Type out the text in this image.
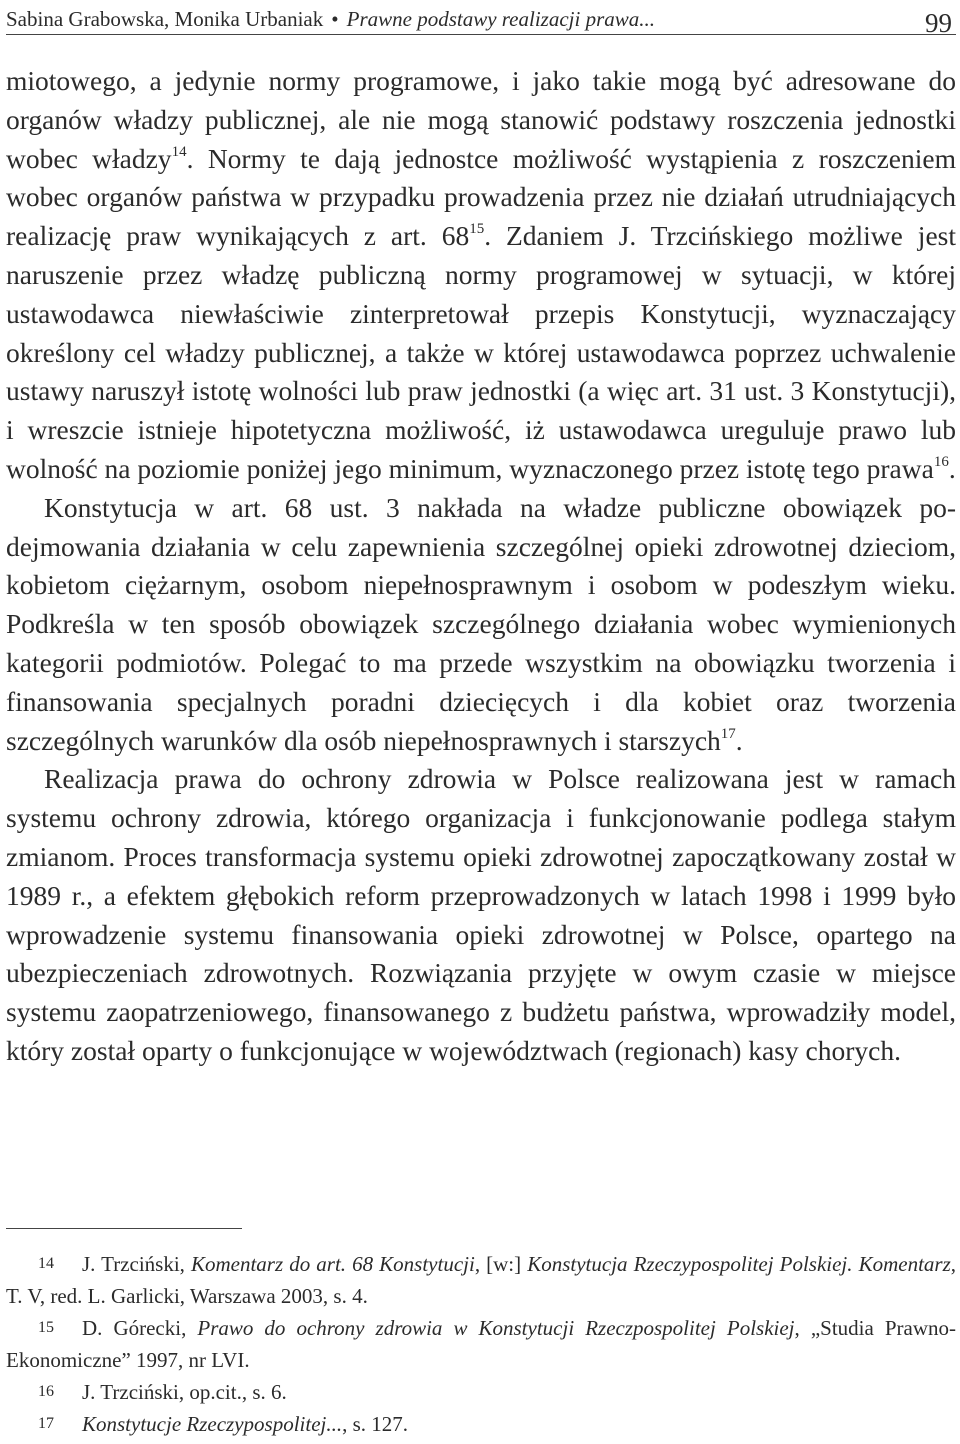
Sabina Grabowska, Monika Urbaniak • Prawne podstawy realizacji prawa...	99

miotowego, a jedynie normy programowe, i jako takie mogą być adresowane do organów władzy publicznej, ale nie mogą stanowić podstawy roszczenia jednostki wobec władzy$^{14}$. Normy te dają jednostce możliwość wystąpienia z roszczeniem wobec organów państwa w przypadku prowadzenia przez nie działań utrudniających realizację praw wynikających z art. $68^{15}$. Zdaniem J. Trzcińskiego możliwe jest naruszenie przez władzę publiczną normy programowej w sytuacji, w której ustawodawca niewłaściwie zinterpretował przepis Konstytucji, wyznaczający określony cel władzy publicznej, a także w której ustawodawca poprzez uchwalenie ustawy naruszył istotę wolności lub praw jednostki (a więc art. 31 ust. 3 Konstytucji), i wreszcie istnieje hipotetyczna możliwość, iż ustawodawca ureguluje prawo lub wolność na poziomie poniżej jego minimum, wyznaczonego przez istotę tego prawa$^{16}$.

Konstytucja w art. 68 ust. 3 nakłada na władze publiczne obowiązek podejmowania działania w celu zapewnienia szczególnej opieki zdrowotnej dzieciom, kobietom ciężarnym, osobom niepełnosprawnym i osobom w podeszłym wieku. Podkreśla w ten sposób obowiązek szczególnego działania wobec wymienionych kategorii podmiotów. Polegać to ma przede wszystkim na obowiązku tworzenia i finansowania specjalnych poradni dziecięcych i dla kobiet oraz tworzenia szczególnych warunków dla osób niepełnosprawnych i starszych$^{17}$.

Realizacja prawa do ochrony zdrowia w Polsce realizowana jest w ramach systemu ochrony zdrowia, którego organizacja i funkcjonowanie podlega stałym zmianom. Proces transformacja systemu opieki zdrowotnej zapoczątkowany został w 1989 r., a efektem głębokich reform przeprowadzonych w latach 1998 i 1999 było wprowadzenie systemu finansowania opieki zdrowotnej w Polsce, opartego na ubezpieczeniach zdrowotnych. Rozwiązania przyjęte w owym czasie w miejsce systemu zaopatrzeniowego, finansowanego z budżetu państwa, wprowadziły model, który został oparty o funkcjonujące w województwach (regionach) kasy chorych.

14 J. Trzciński, Komentarz do art. 68 Konstytucji, [w:] Konstytucja Rzeczypospolitej Polskiej. Komentarz, T. V, red. L. Garlicki, Warszawa 2003, s. 4.

15 D. Górecki, Prawo do ochrony zdrowia w Konstytucji Rzeczpospolitej Polskiej, „Studia Prawno-Ekonomiczne” 1997, nr LVI.

16 J. Trzciński, op.cit., s. 6.

17 Konstytucje Rzeczypospolitej..., s. 127.
